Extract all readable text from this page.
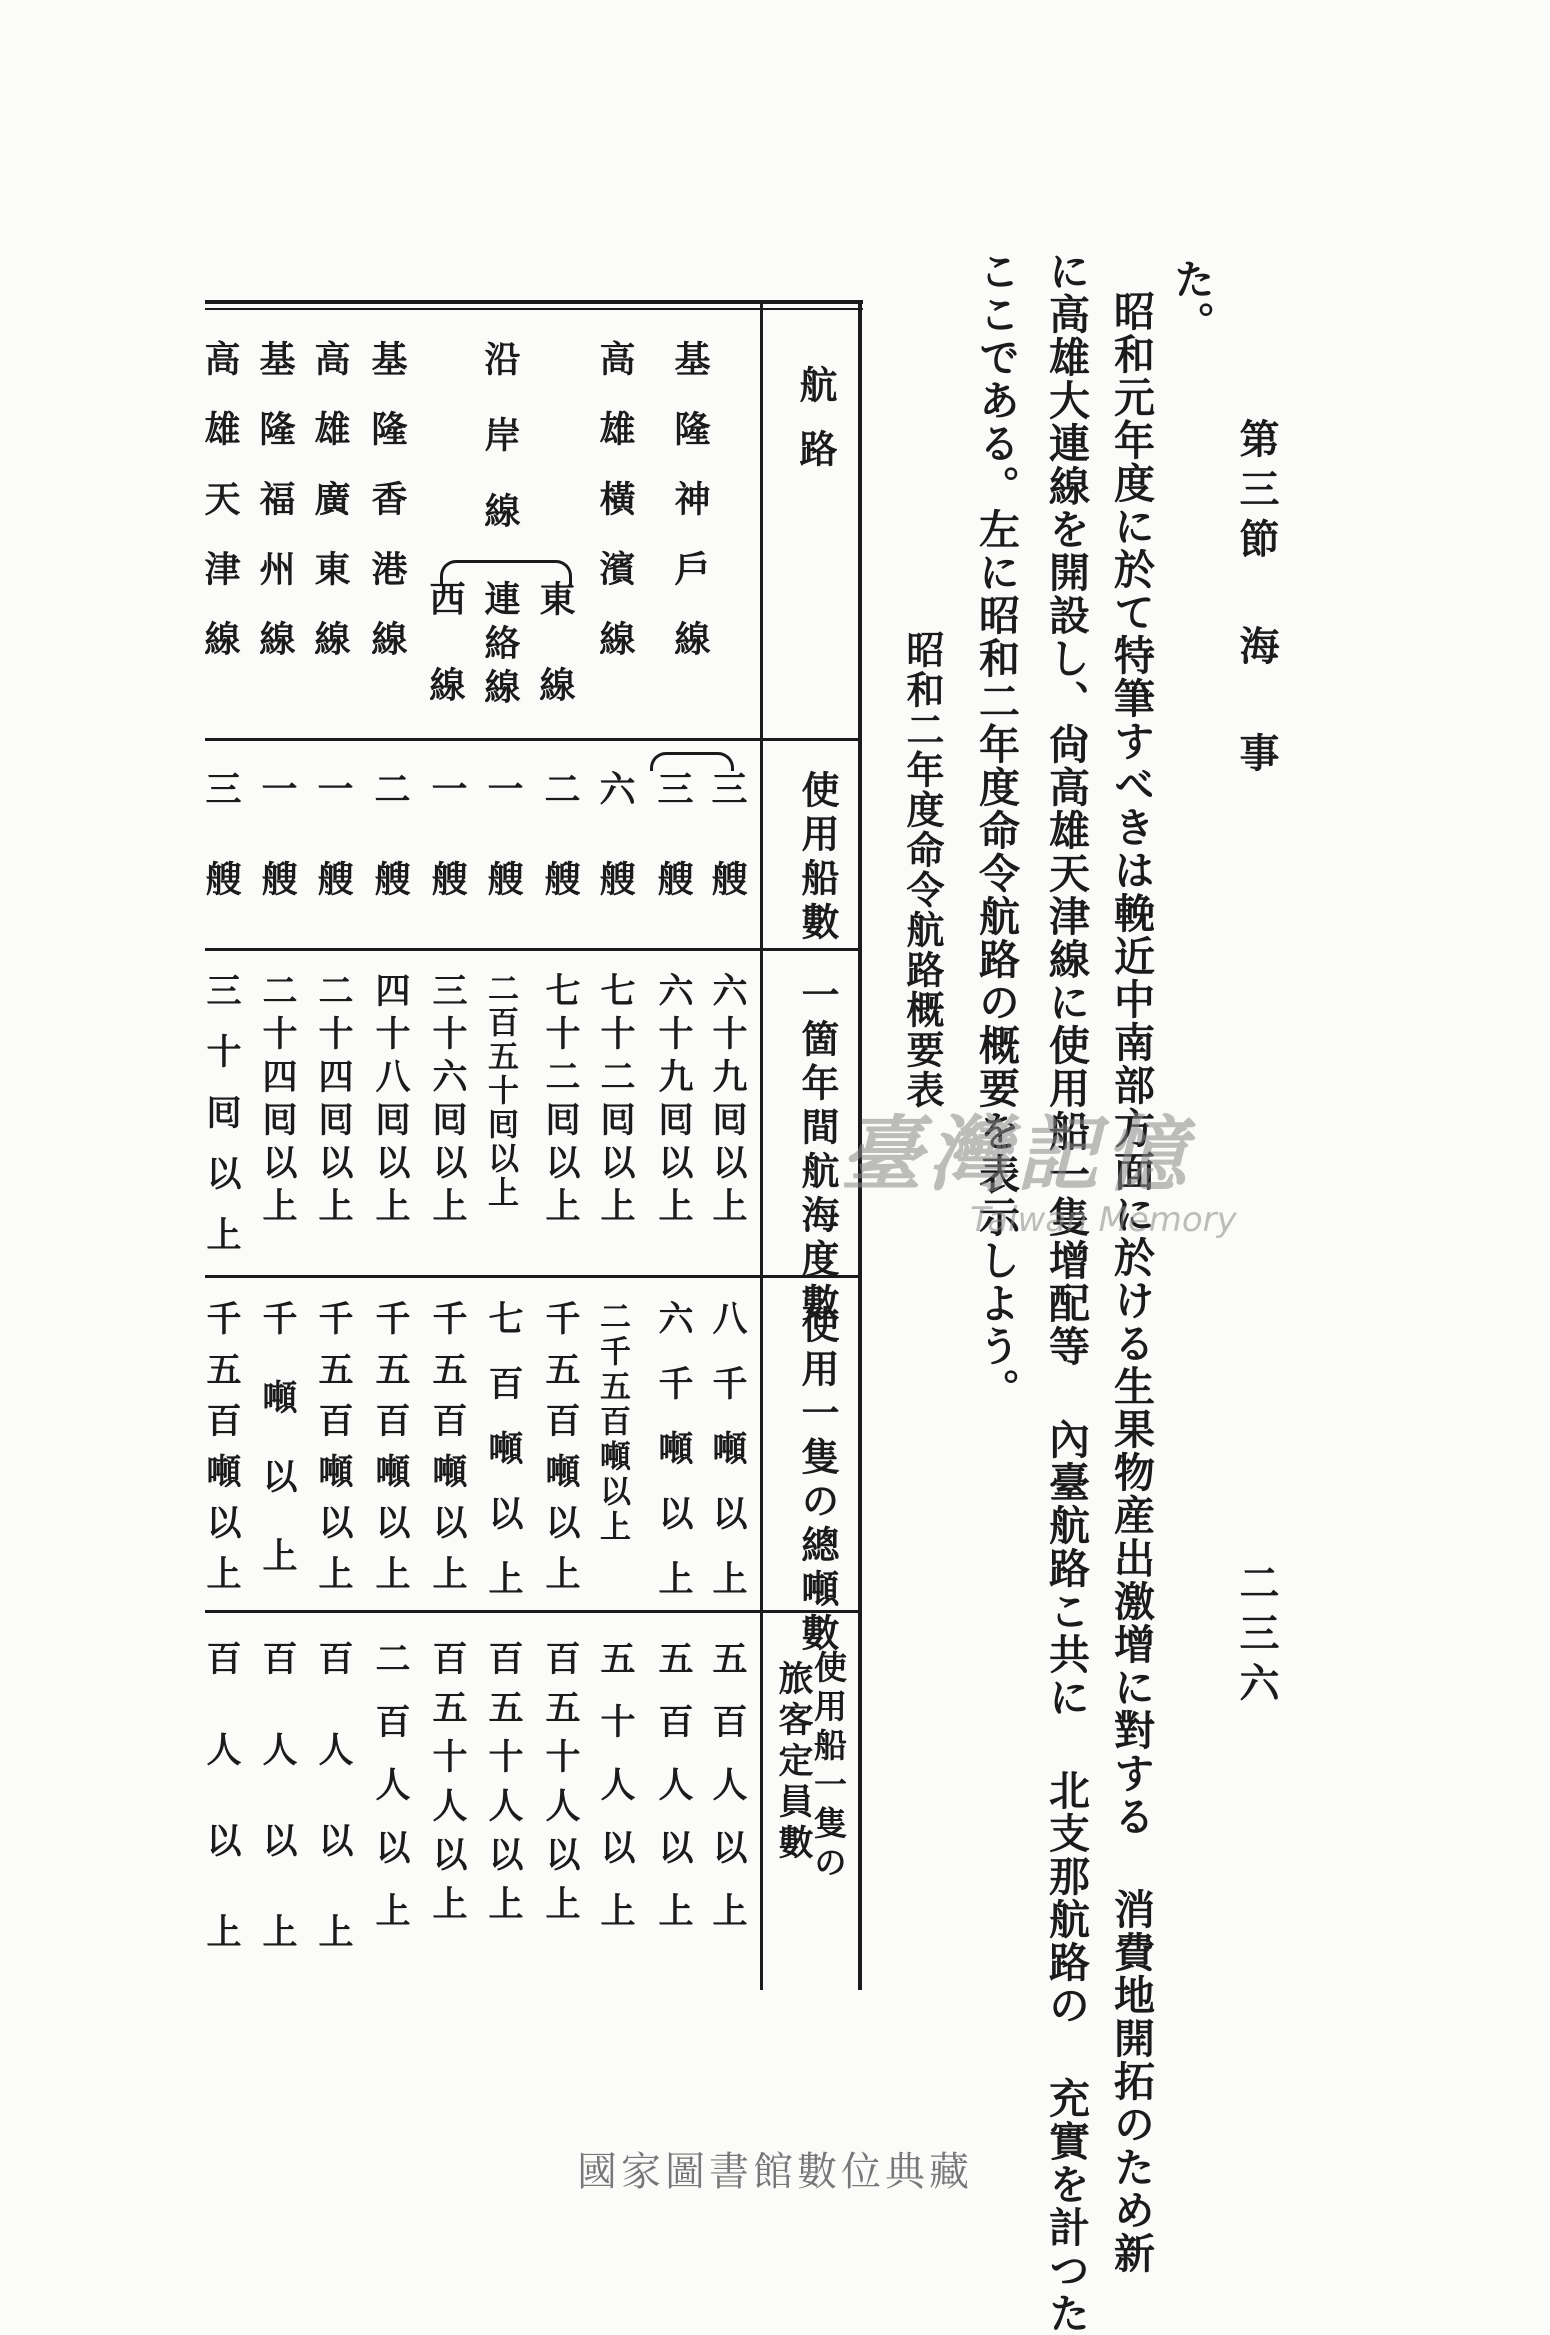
第三節 海 事
二三六
た。
昭和元年度に於て特筆すべきは輓近中南部方面に於ける生果物産出激增に對する 消費地開拓のため新
に高雄大連線を開設し、尙高雄天津線に使用船一隻增配等 內臺航路こ共に 北支那航路の 充實を計つた
ここである。左に昭和二年度命令航路の概要を表示しよう。
昭和二年度命令航路概要表
航路
使用船數
一箇年間航海度數
使用一隻の總噸數
使用船一隻の
旅客定員數
基隆神戶線
高雄橫濱線
沿岸線
東線
連絡線
西線
基隆香港線
高雄廣東線
基隆福州線
高雄天津線
三艘
三艘
六艘
二艘
一艘
一艘
二艘
一艘
一艘
三艘
六十九囘以上
六十九囘以上
七十二囘以上
七十二囘以上
二百五十囘以上
三十六囘以上
四十八囘以上
二十四囘以上
二十四囘以上
三十囘以上
八千噸以上
六千噸以上
二千五百噸以上
千五百噸以上
七百噸以上
千五百噸以上
千五百噸以上
千五百噸以上
千噸以上
千五百噸以上
五百人以上
五百人以上
五十人以上
百五十人以上
百五十人以上
百五十人以上
二百人以上
百人以上
百人以上
百人以上
臺灣記憶
Taiwan Memory
國家圖書館數位典藏
